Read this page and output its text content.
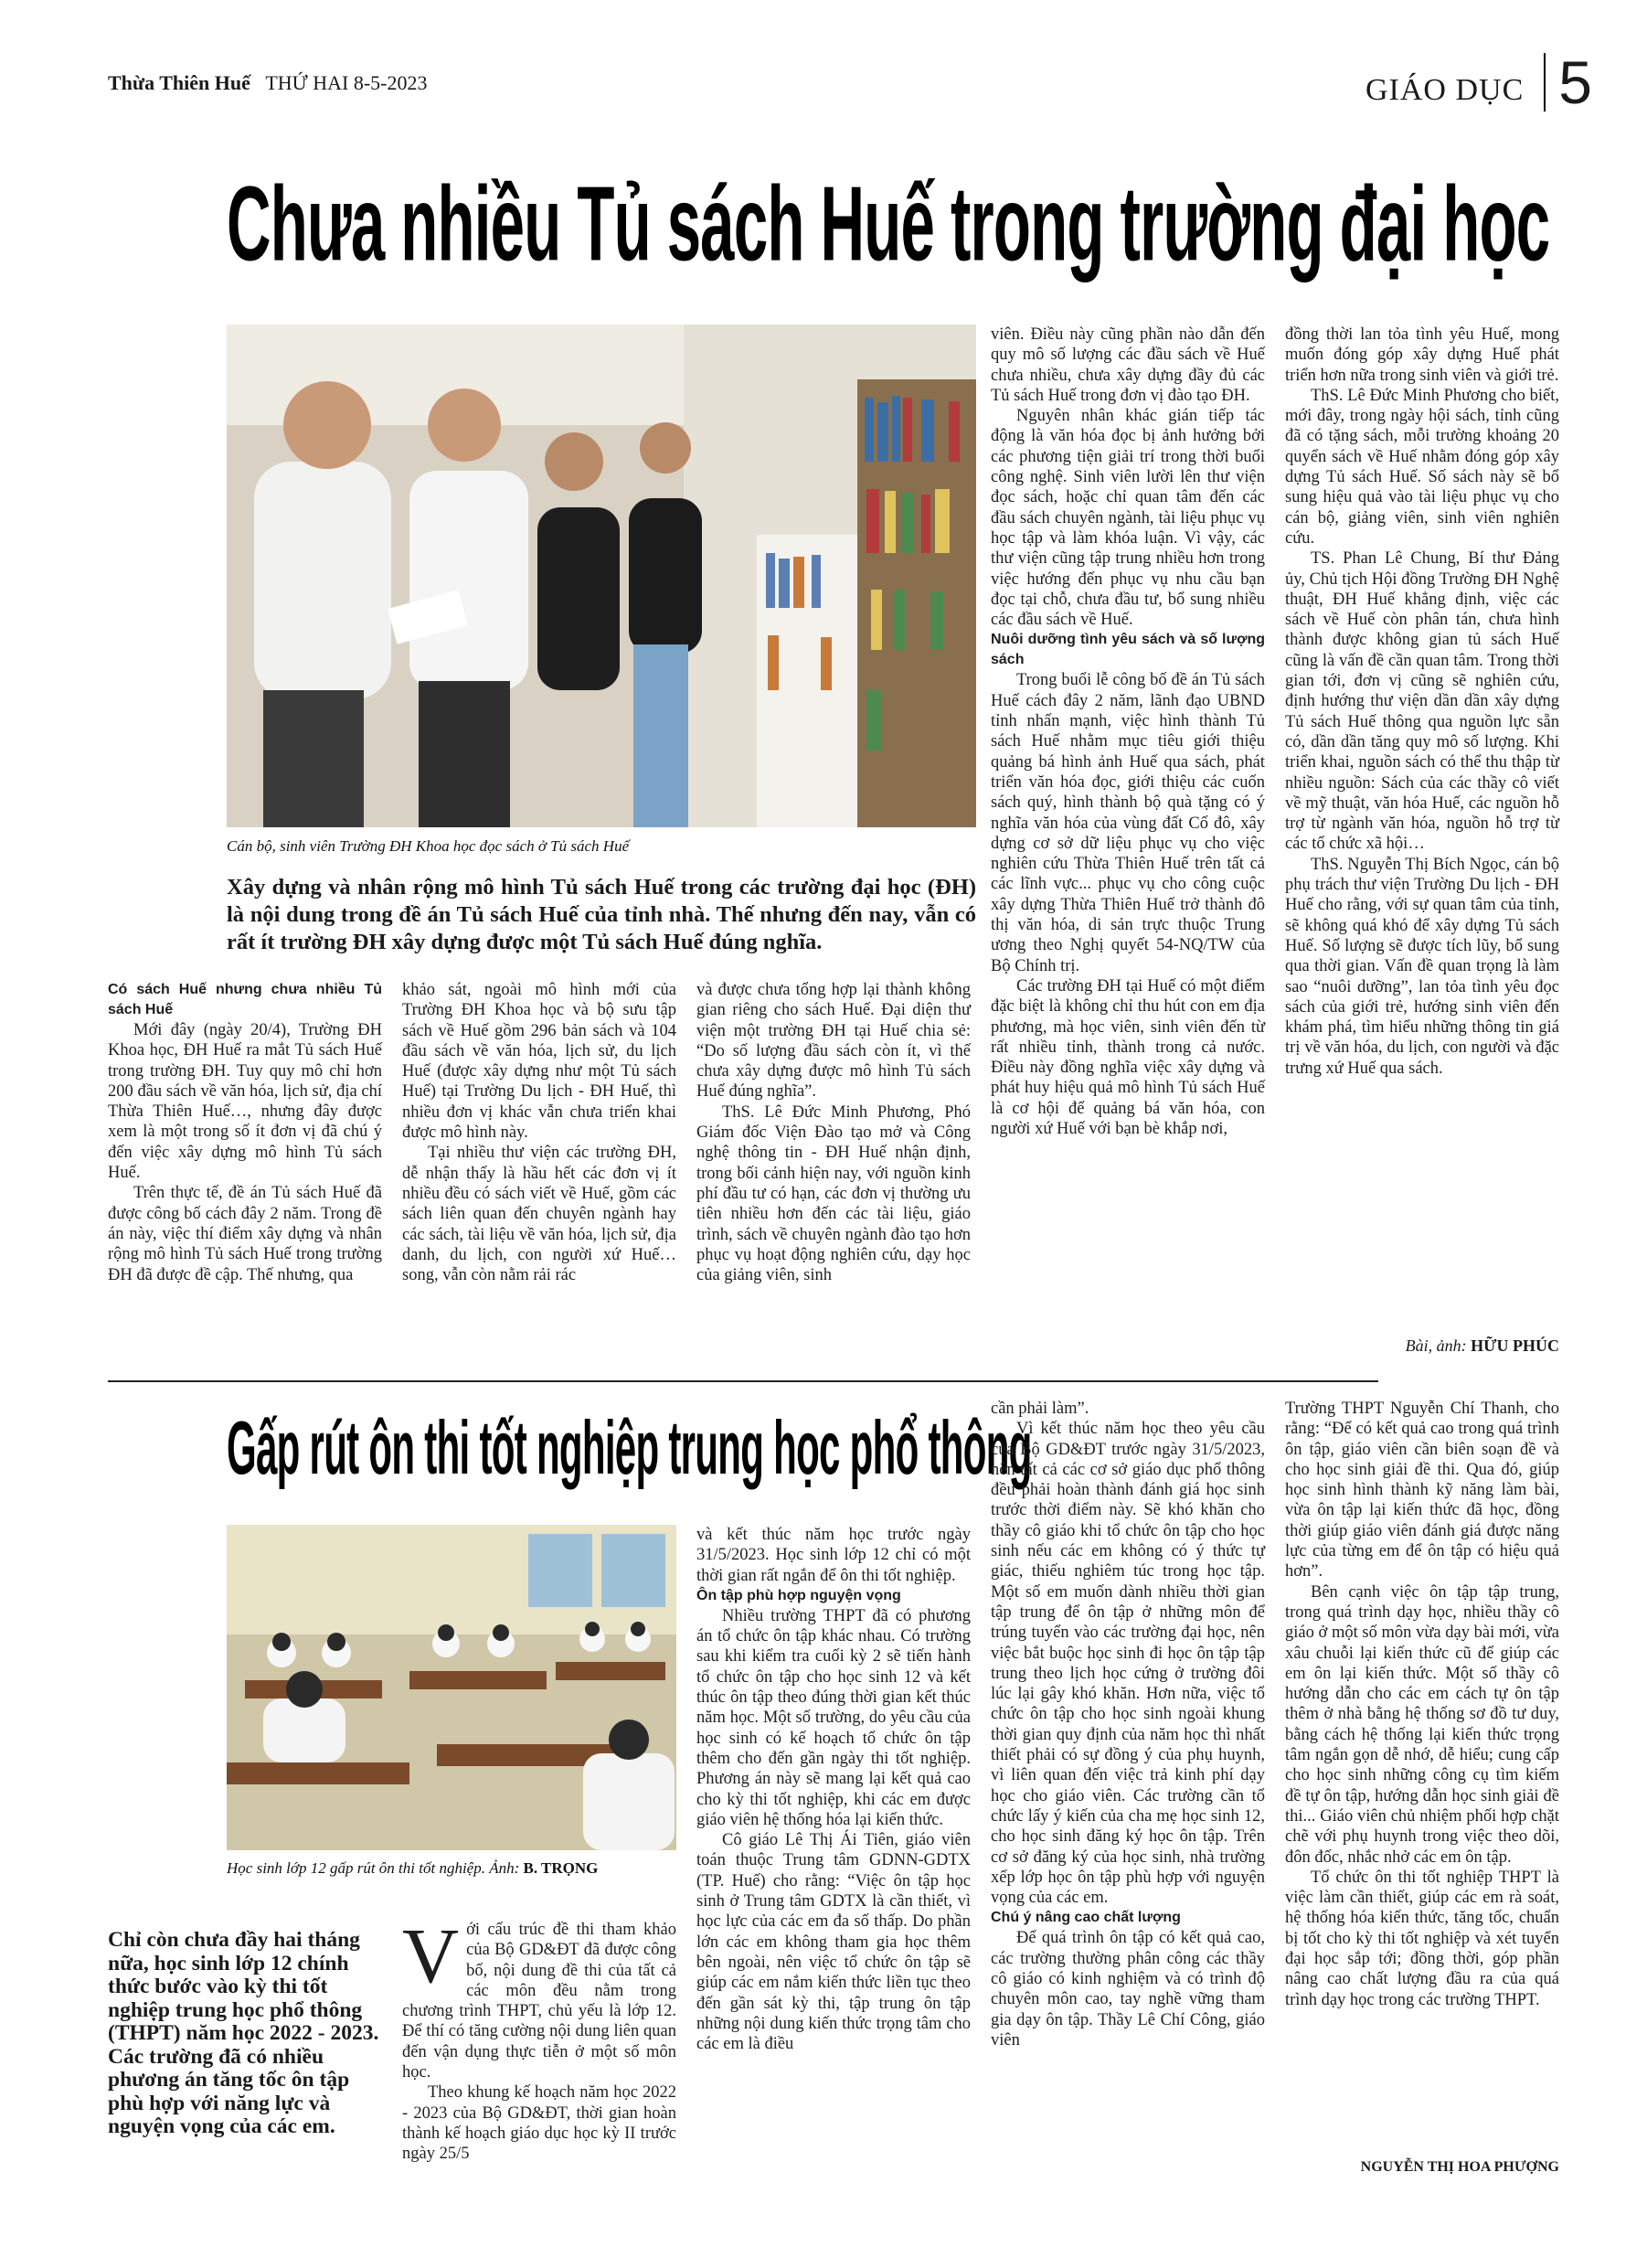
Thừa Thiên Huế THỨ HAI 8-5-2023	GIÁO DỤC 5
Chưa nhiều Tủ sách Huế trong trường đại học
Cán bộ, sinh viên Trường ĐH Khoa học đọc sách ở Tủ sách Huế
Xây dựng và nhân rộng mô hình Tủ sách Huế trong các trường đại học (ĐH) là nội dung trong đề án Tủ sách Huế của tỉnh nhà. Thế nhưng đến nay, vẫn có rất ít trường ĐH xây dựng được một Tủ sách Huế đúng nghĩa.

Có sách Huế nhưng chưa nhiều Tủ sách Huế

Mới đây (ngày 20/4), Trường ĐH Khoa học, ĐH Huế ra mắt Tủ sách Huế trong trường ĐH. Tuy quy mô chỉ hơn 200 đầu sách về văn hóa, lịch sử, địa chí Thừa Thiên Huế…, nhưng đây được xem là một trong số ít đơn vị đã chú ý đến việc xây dựng mô hình Tủ sách Huế.

Trên thực tế, đề án Tủ sách Huế đã được công bố cách đây 2 năm. Trong đề án này, việc thí điểm xây dựng và nhân rộng mô hình Tủ sách Huế trong trường ĐH đã được đề cập. Thế nhưng, qua

khảo sát, ngoài mô hình mới của Trường ĐH Khoa học và bộ sưu tập sách về Huế gồm 296 bản sách và 104 đầu sách về văn hóa, lịch sử, du lịch Huế (được xây dựng như một Tủ sách Huế) tại Trường Du lịch - ĐH Huế, thì nhiều đơn vị khác vẫn chưa triển khai được mô hình này.

Tại nhiều thư viện các trường ĐH, dễ nhận thấy là hầu hết các đơn vị ít nhiều đều có sách viết về Huế, gồm các sách liên quan đến chuyên ngành hay các sách, tài liệu về văn hóa, lịch sử, địa danh, du lịch, con người xứ Huế… song, vẫn còn nằm rải rác

và được chưa tổng hợp lại thành không gian riêng cho sách Huế. Đại diện thư viện một trường ĐH tại Huế chia sẻ: “Do số lượng đầu sách còn ít, vì thế chưa xây dựng được mô hình Tủ sách Huế đúng nghĩa”.

ThS. Lê Đức Minh Phương, Phó Giám đốc Viện Đào tạo mở và Công nghệ thông tin - ĐH Huế nhận định, trong bối cảnh hiện nay, với nguồn kinh phí đầu tư có hạn, các đơn vị thường ưu tiên nhiều hơn đến các tài liệu, giáo trình, sách về chuyên ngành đào tạo hơn phục vụ hoạt động nghiên cứu, dạy học của giảng viên, sinh

viên. Điều này cũng phần nào dẫn đến quy mô số lượng các đầu sách về Huế chưa nhiều, chưa xây dựng đầy đủ các Tủ sách Huế trong đơn vị đào tạo ĐH.

Nguyên nhân khác gián tiếp tác động là văn hóa đọc bị ảnh hưởng bởi các phương tiện giải trí trong thời buổi công nghệ. Sinh viên lười lên thư viện đọc sách, hoặc chỉ quan tâm đến các đầu sách chuyên ngành, tài liệu phục vụ học tập và làm khóa luận. Vì vậy, các thư viện cũng tập trung nhiều hơn trong việc hướng đến phục vụ nhu cầu bạn đọc tại chỗ, chưa đầu tư, bổ sung nhiều các đầu sách về Huế.

Nuôi dưỡng tình yêu sách và số lượng sách

Trong buổi lễ công bố đề án Tủ sách Huế cách đây 2 năm, lãnh đạo UBND tỉnh nhấn mạnh, việc hình thành Tủ sách Huế nhằm mục tiêu giới thiệu quảng bá hình ảnh Huế qua sách, phát triển văn hóa đọc, giới thiệu các cuốn sách quý, hình thành bộ quà tặng có ý nghĩa văn hóa của vùng đất Cố đô, xây dựng cơ sở dữ liệu phục vụ cho việc nghiên cứu Thừa Thiên Huế trên tất cả các lĩnh vực... phục vụ cho công cuộc xây dựng Thừa Thiên Huế trở thành đô thị văn hóa, di sản trực thuộc Trung ương theo Nghị quyết 54-NQ/TW của Bộ Chính trị.

Các trường ĐH tại Huế có một điểm đặc biệt là không chỉ thu hút con em địa phương, mà học viên, sinh viên đến từ rất nhiều tỉnh, thành trong cả nước. Điều này đồng nghĩa việc xây dựng và phát huy hiệu quả mô hình Tủ sách Huế là cơ hội để quảng bá văn hóa, con người xứ Huế với bạn bè khắp nơi,

đồng thời lan tỏa tình yêu Huế, mong muốn đóng góp xây dựng Huế phát triển hơn nữa trong sinh viên và giới trẻ.

ThS. Lê Đức Minh Phương cho biết, mới đây, trong ngày hội sách, tỉnh cũng đã có tặng sách, mỗi trường khoảng 20 quyển sách về Huế nhằm đóng góp xây dựng Tủ sách Huế. Số sách này sẽ bổ sung hiệu quả vào tài liệu phục vụ cho cán bộ, giảng viên, sinh viên nghiên cứu.

TS. Phan Lê Chung, Bí thư Đảng ủy, Chủ tịch Hội đồng Trường ĐH Nghệ thuật, ĐH Huế khẳng định, việc các sách về Huế còn phân tán, chưa hình thành được không gian tủ sách Huế cũng là vấn đề cần quan tâm. Trong thời gian tới, đơn vị cũng sẽ nghiên cứu, định hướng thư viện dần dần xây dựng Tủ sách Huế thông qua nguồn lực sẵn có, dần dần tăng quy mô số lượng. Khi triển khai, nguồn sách có thể thu thập từ nhiều nguồn: Sách của các thầy cô viết về mỹ thuật, văn hóa Huế, các nguồn hỗ trợ từ ngành văn hóa, nguồn hỗ trợ từ các tổ chức xã hội…

ThS. Nguyễn Thị Bích Ngọc, cán bộ phụ trách thư viện Trường Du lịch - ĐH Huế cho rằng, với sự quan tâm của tỉnh, sẽ không quá khó để xây dựng Tủ sách Huế. Số lượng sẽ được tích lũy, bổ sung qua thời gian. Vấn đề quan trọng là làm sao “nuôi dưỡng”, lan tỏa tình yêu đọc sách của giới trẻ, hướng sinh viên đến khám phá, tìm hiểu những thông tin giá trị về văn hóa, du lịch, con người và đặc trưng xứ Huế qua sách.

Bài, ảnh: HỮU PHÚC
Gấp rút ôn thi tốt nghiệp trung học phổ thông
Học sinh lớp 12 gấp rút ôn thi tốt nghiệp. Ảnh: B. TRỌNG
Chỉ còn chưa đầy hai tháng nữa, học sinh lớp 12 chính thức bước vào kỳ thi tốt nghiệp trung học phổ thông (THPT) năm học 2022 - 2023. Các trường đã có nhiều phương án tăng tốc ôn tập phù hợp với năng lực và nguyện vọng của các em.
V ới cấu trúc đề thi tham khảo của Bộ GD&ĐT đã được công bố, nội dung đề thi của tất cả các môn đều nằm trong chương trình THPT, chủ yếu là lớp 12. Để thí có tăng cường nội dung liên quan đến vận dụng thực tiễn ở một số môn học.

Theo khung kế hoạch năm học 2022 - 2023 của Bộ GD&ĐT, thời gian hoàn thành kế hoạch giáo dục học kỳ II trước ngày 25/5

và kết thúc năm học trước ngày 31/5/2023. Học sinh lớp 12 chỉ có một thời gian rất ngắn để ôn thi tốt nghiệp.

Ôn tập phù hợp nguyện vọng

Nhiều trường THPT đã có phương án tổ chức ôn tập khác nhau. Có trường sau khi kiểm tra cuối kỳ 2 sẽ tiến hành tổ chức ôn tập cho học sinh 12 và kết thúc ôn tập theo đúng thời gian kết thúc năm học. Một số trường, do yêu cầu của học sinh có kế hoạch tổ chức ôn tập thêm cho đến gần ngày thi tốt nghiệp. Phương án này sẽ mang lại kết quả cao cho kỳ thi tốt nghiệp, khi các em được giáo viên hệ thống hóa lại kiến thức.

Cô giáo Lê Thị Ái Tiên, giáo viên toán thuộc Trung tâm GDNN-GDTX (TP. Huế) cho rằng: “Việc ôn tập học sinh ở Trung tâm GDTX là cần thiết, vì học lực của các em đa số thấp. Do phần lớn các em không tham gia học thêm bên ngoài, nên việc tổ chức ôn tập sẽ giúp các em nắm kiến thức liền tục theo đến gần sát kỳ thi, tập trung ôn tập những nội dung kiến thức trọng tâm cho các em là điều

cần phải làm”.

Vì kết thúc năm học theo yêu cầu của Bộ GD&ĐT trước ngày 31/5/2023, nên tất cả các cơ sở giáo dục phổ thông đều phải hoàn thành đánh giá học sinh trước thời điểm này. Sẽ khó khăn cho thầy cô giáo khi tổ chức ôn tập cho học sinh nếu các em không có ý thức tự giác, thiếu nghiêm túc trong học tập. Một số em muốn dành nhiều thời gian tập trung để ôn tập ở những môn để trúng tuyển vào các trường đại học, nên việc bắt buộc học sinh đi học ôn tập tập trung theo lịch học cứng ở trường đôi lúc lại gây khó khăn. Hơn nữa, việc tổ chức ôn tập cho học sinh ngoài khung thời gian quy định của năm học thì nhất thiết phải có sự đồng ý của phụ huynh, vì liên quan đến việc trả kinh phí dạy học cho giáo viên. Các trường cần tổ chức lấy ý kiến của cha mẹ học sinh 12, cho học sinh đăng ký học ôn tập. Trên cơ sở đăng ký của học sinh, nhà trường xếp lớp học ôn tập phù hợp với nguyện vọng của các em.

Chú ý nâng cao chất lượng

Để quá trình ôn tập có kết quả cao, các trường thường phân công các thầy cô giáo có kinh nghiệm và có trình độ chuyên môn cao, tay nghề vững tham gia dạy ôn tập. Thầy Lê Chí Công, giáo viên

Trường THPT Nguyễn Chí Thanh, cho rằng: “Để có kết quả cao trong quá trình ôn tập, giáo viên cần biên soạn đề và cho học sinh giải đề thi. Qua đó, giúp học sinh hình thành kỹ năng làm bài, vừa ôn tập lại kiến thức đã học, đồng thời giúp giáo viên đánh giá được năng lực của từng em để ôn tập có hiệu quả hơn”.

Bên cạnh việc ôn tập tập trung, trong quá trình dạy học, nhiều thầy cô giáo ở một số môn vừa dạy bài mới, vừa xâu chuỗi lại kiến thức cũ để giúp các em ôn lại kiến thức. Một số thầy cô hướng dẫn cho các em cách tự ôn tập thêm ở nhà bằng hệ thống sơ đồ tư duy, bằng cách hệ thống lại kiến thức trọng tâm ngắn gọn dễ nhớ, dễ hiểu; cung cấp cho học sinh những công cụ tìm kiếm đề tự ôn tập, hướng dẫn học sinh giải đề thi... Giáo viên chủ nhiệm phối hợp chặt chẽ với phụ huynh trong việc theo dõi, đôn đốc, nhắc nhở các em ôn tập.

Tổ chức ôn thi tốt nghiệp THPT là việc làm cần thiết, giúp các em rà soát, hệ thống hóa kiến thức, tăng tốc, chuẩn bị tốt cho kỳ thi tốt nghiệp và xét tuyển đại học sắp tới; đồng thời, góp phần nâng cao chất lượng đầu ra của quá trình dạy học trong các trường THPT.

NGUYỄN THỊ HOA PHƯỢNG
